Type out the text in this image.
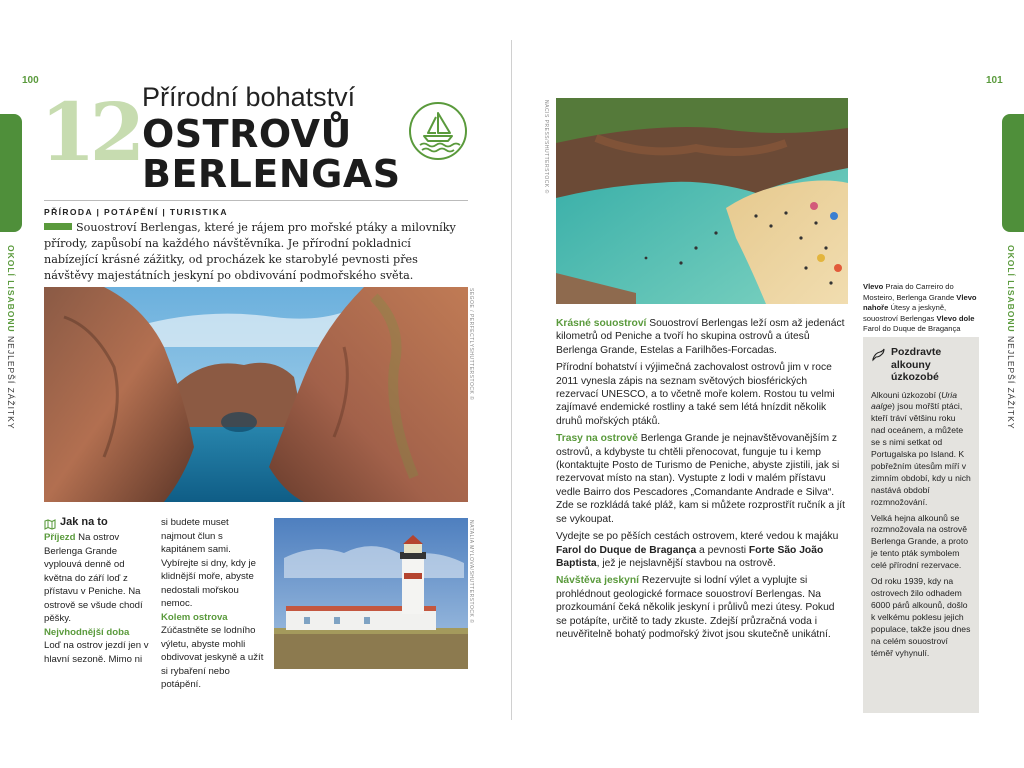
100
OKOLÍ LISABONU NEJLEPŠÍ ZÁŽITKY
12 Přírodní bohatství
OSTROVŮ
BERLENGAS
PŘÍRODA | POTÁPĚNÍ | TURISTIKA
Souostroví Berlengas, které je rájem pro mořské ptáky a milovníky přírody, zapůsobí na každého návštěvníka. Je přírodní pokladnicí nabízející krásné zážitky, od procházek ke starobylé pevnosti přes návštěvy majestátních jeskyní po obdivování podmořského světa.
SEGOE / PERFECTLYSHUTTERSTOCK ©
Jak na to
Příjezd Na ostrov Berlenga Grande vyplouvá denně od května do září loď z přístavu v Peniche. Na ostrově se všude chodí pěšky.
Nejvhodnější doba
Loď na ostrov jezdí jen v hlavní sezoně. Mimo ni
si budete muset najmout člun s kapitánem sami. Vybírejte si dny, kdy je klidnější moře, abyste nedostali mořskou nemoc.
Kolem ostrova Zúčastněte se lodního výletu, abyste mohli obdivovat jeskyně a užít si rybaření nebo potápění.
NATALIA MYLOVA/SHUTTERSTOCK ©
101
OKOLÍ LISABONU NEJLEPŠÍ ZÁŽITKY
NACIS PRESS/SHUTTERSTOCK ©
Vlevo Praia do Carreiro do Mosteiro, Berlenga Grande Vlevo nahoře Útesy a jeskyně, souostroví Berlengas Vlevo dole Farol do Duque de Bragança

Krásné souostroví Souostroví Berlengas leží osm až jedenáct kilometrů od Peniche a tvoří ho skupina ostrovů a útesů Berlenga Grande, Estelas a Farilhões-Forcadas.

Přírodní bohatství i výjimečná zachovalost ostrovů jim v roce 2011 vynesla zápis na seznam světových biosférických rezervací UNESCO, a to včetně moře kolem. Rostou tu velmi zajímavé endemické rostliny a také sem létá hnízdit několik druhů mořských ptáků.

Trasy na ostrově Berlenga Grande je nejnavštěvovanějším z ostrovů, a kdybyste tu chtěli přenocovat, funguje tu i kemp (kontaktujte Posto de Turismo de Peniche, abyste zjistili, jak si rezervovat místo na stan). Vystupte z lodi v malém přístavu vedle Bairro dos Pescadores „Comandante Andrade e Silva“. Zde se rozkládá také pláž, kam si můžete rozprostřít ručník a jít se vykoupat.

Vydejte se po pěších cestách ostrovem, které vedou k majáku Farol do Duque de Bragança a pevnosti Forte São João Baptista, jež je nejslavnější stavbou na ostrově.

Návštěva jeskyní Rezervujte si lodní výlet a vyplujte si prohlédnout geologické formace souostroví Berlengas. Na prozkoumání čeká několik jeskyní i průlivů mezi útesy. Pokud se potápíte, určitě to tady zkuste. Zdejší průzračná voda i neuvěřitelně bohatý podmořský život jsou skutečně unikátní.

Pozdravte alkouny úzkozobé
Alkouni úzkozobí (Uria aalge) jsou mořští ptáci, kteří tráví většinu roku nad oceánem, a můžete se s nimi setkat od Portugalska po Island. K pobřežním útesům míří v zimním období, kdy u nich nastává období rozmnožování.
Velká hejna alkounů se rozmnožovala na ostrově Berlenga Grande, a proto je tento pták symbolem celé přírodní rezervace.
Od roku 1939, kdy na ostrovech žilo odhadem 6000 párů alkounů, došlo k velkému poklesu jejich populace, takže jsou dnes na celém souostroví téměř vyhynulí.
